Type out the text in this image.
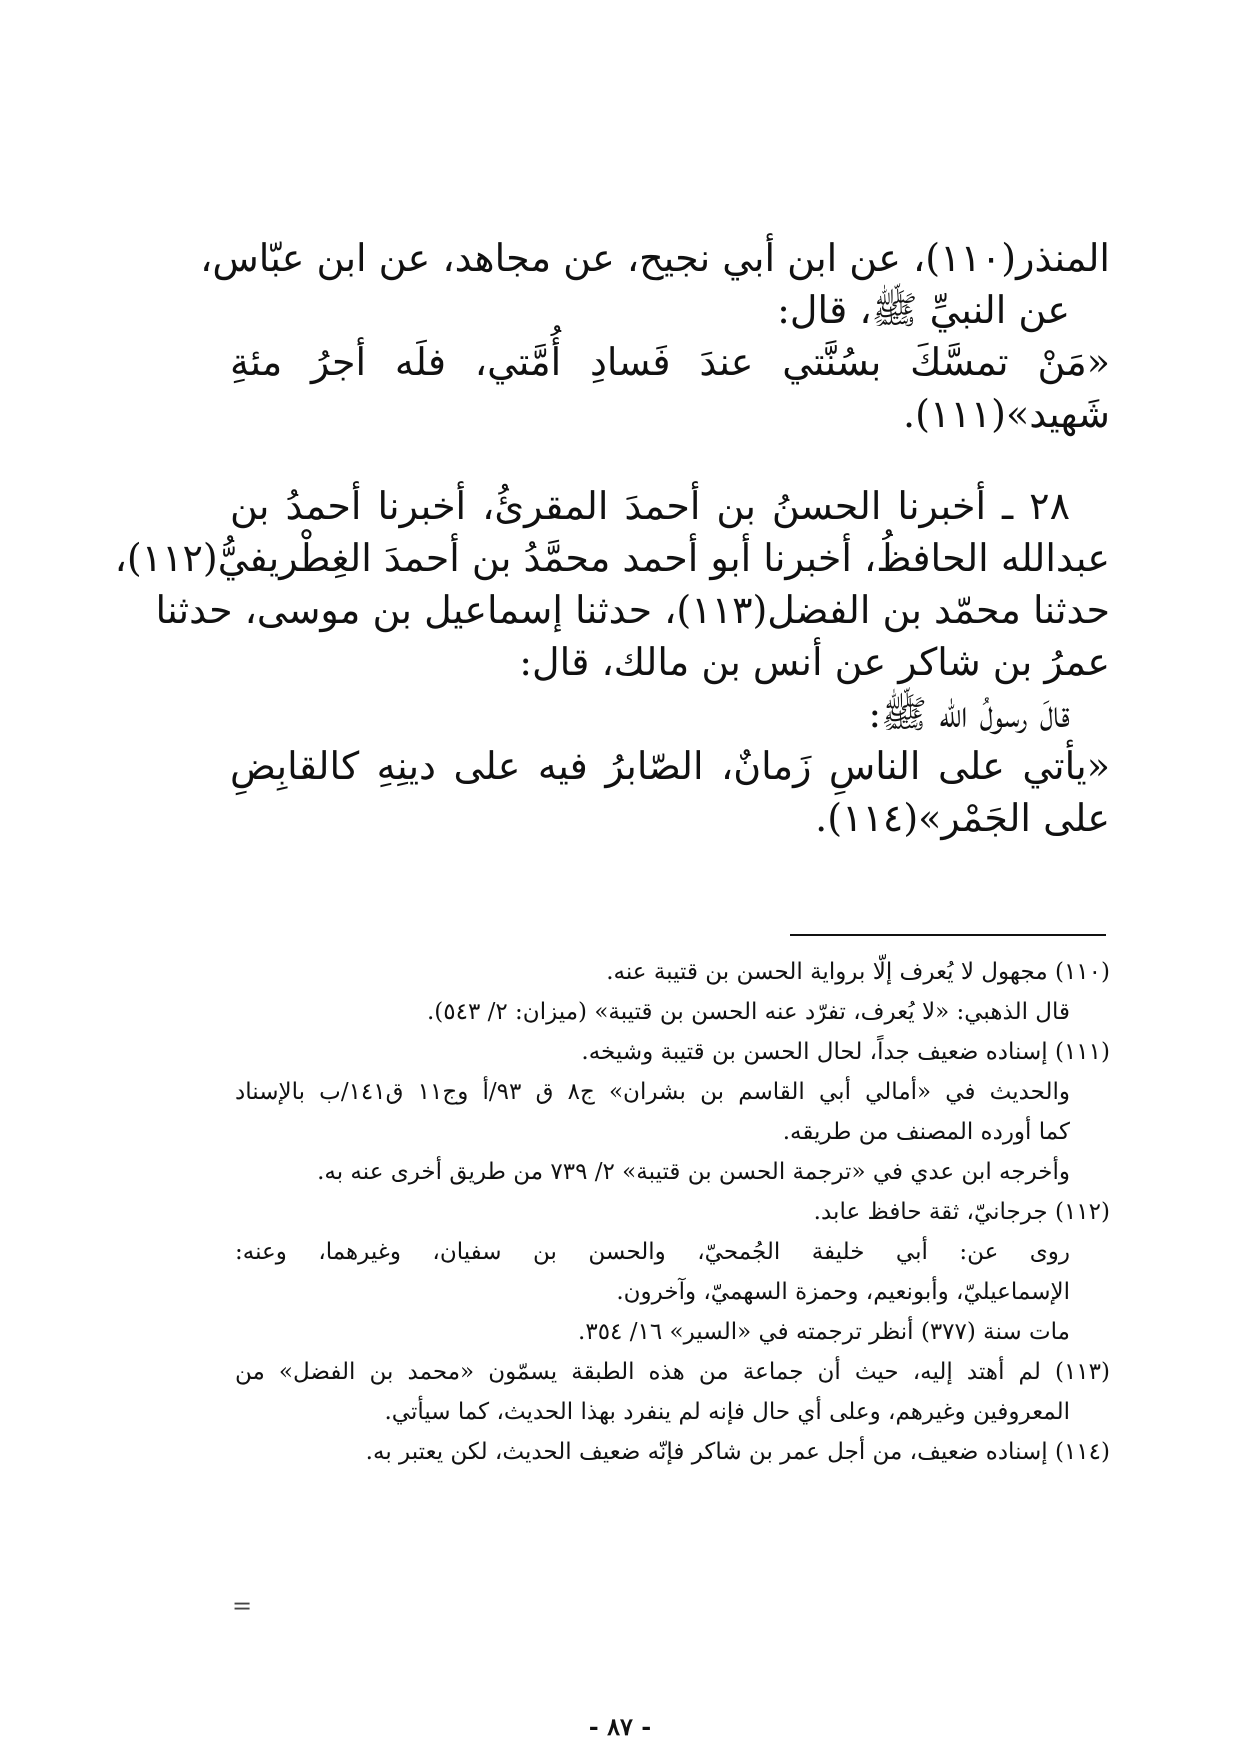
المنذر(١١٠)، عن ابن أبي نجيح، عن مجاهد، عن ابن عبّاس،
عن النبيِّ ﷺ، قال:
«مَنْ تمسَّكَ بسُنَّتي عندَ فَسادِ أُمَّتي، فلَه أجرُ مئةِ
شَهيد»(١١١).
٢٨ ـ أخبرنا الحسنُ بن أحمدَ المقرئُ، أخبرنا أحمدُ بن
عبدالله الحافظُ، أخبرنا أبو أحمد محمَّدُ بن أحمدَ الغِطْريفيُّ(١١٢)،
حدثنا محمّد بن الفضل(١١٣)، حدثنا إسماعيل بن موسى، حدثنا
عمرُ بن شاكر عن أنس بن مالك، قال:
قالَ رسولُ الله ﷺ:
«يأتي على الناسِ زَمانٌ، الصّابرُ فيه على دينِهِ كالقابِضِ
على الجَمْر»(١١٤).
(١١٠) مجهول لا يُعرف إلّا برواية الحسن بن قتيبة عنه.
قال الذهبي: «لا يُعرف، تفرّد عنه الحسن بن قتيبة» (ميزان: ٢/ ٥٤٣).
(١١١) إسناده ضعيف جداً، لحال الحسن بن قتيبة وشيخه.
والحديث في «أمالي أبي القاسم بن بشران» ج٨ ق ٩٣/أ وج١١ ق١٤١/ب بالإسناد
كما أورده المصنف من طريقه.
وأخرجه ابن عدي في «ترجمة الحسن بن قتيبة» ٢/ ٧٣٩ من طريق أخرى عنه به.
(١١٢) جرجانيّ، ثقة حافظ عابد.
روى عن: أبي خليفة الجُمحيّ، والحسن بن سفيان، وغيرهما، وعنه:
الإسماعيليّ، وأبونعيم، وحمزة السهميّ، وآخرون.
مات سنة (٣٧٧) أنظر ترجمته في «السير» ١٦/ ٣٥٤.
(١١٣) لم أهتد إليه، حيث أن جماعة من هذه الطبقة يسمّون «محمد بن الفضل» من
المعروفين وغيرهم، وعلى أي حال فإنه لم ينفرد بهذا الحديث، كما سيأتي.
(١١٤) إسناده ضعيف، من أجل عمر بن شاكر فإنّه ضعيف الحديث، لكن يعتبر به.
=
- ٨٧ -
